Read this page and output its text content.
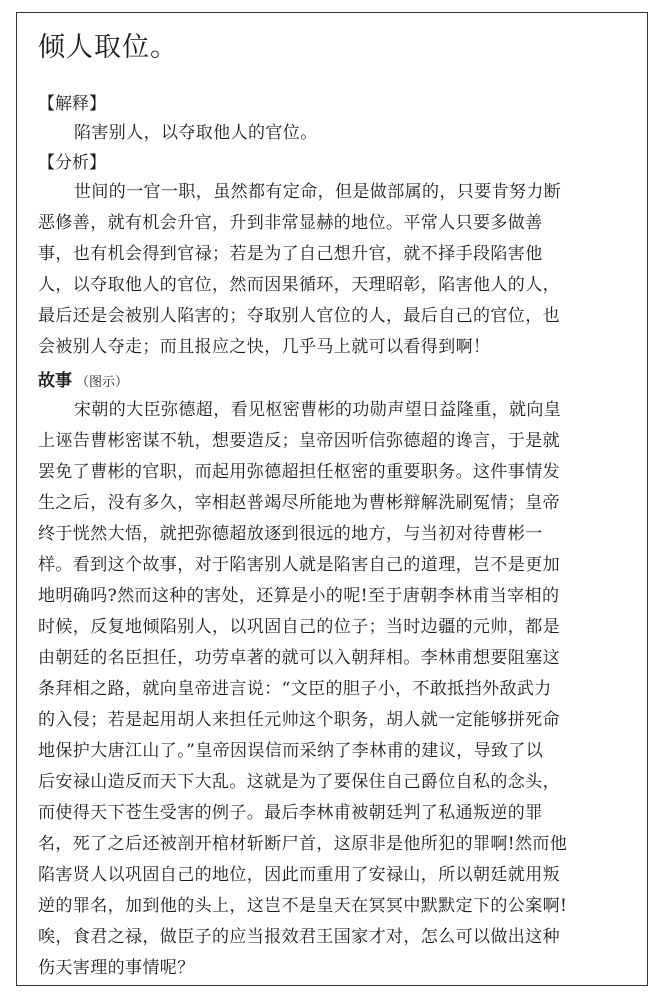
倾人取位。
【解释】
陷害别人，以夺取他人的官位。
【分析】
世间的一官一职，虽然都有定命，但是做部属的，只要肯努力断
恶修善，就有机会升官，升到非常显赫的地位。平常人只要多做善
事，也有机会得到官禄；若是为了自己想升官，就不择手段陷害他
人，以夺取他人的官位，然而因果循环，天理昭彰，陷害他人的人，
最后还是会被别人陷害的；夺取别人官位的人，最后自己的官位，也
会被别人夺走；而且报应之快，几乎马上就可以看得到啊！
故事 （图示）
宋朝的大臣弥德超，看见枢密曹彬的功勋声望日益隆重，就向皇
上诬告曹彬密谋不轨，想要造反；皇帝因听信弥德超的谗言，于是就
罢免了曹彬的官职，而起用弥德超担任枢密的重要职务。这件事情发
生之后，没有多久，宰相赵普竭尽所能地为曹彬辩解洗刷冤情；皇帝
终于恍然大悟，就把弥德超放逐到很远的地方，与当初对待曹彬一
样。看到这个故事，对于陷害别人就是陷害自己的道理，岂不是更加
地明确吗?然而这种的害处，还算是小的呢!至于唐朝李林甫当宰相的
时候，反复地倾陷别人，以巩固自己的位子；当时边疆的元帅，都是
由朝廷的名臣担任，功劳卓著的就可以入朝拜相。李林甫想要阻塞这
条拜相之路，就向皇帝进言说：“文臣的胆子小，不敢抵挡外敌武力
的入侵；若是起用胡人来担任元帅这个职务，胡人就一定能够拼死命
地保护大唐江山了。”皇帝因误信而采纳了李林甫的建议，导致了以
后安禄山造反而天下大乱。这就是为了要保住自己爵位自私的念头，
而使得天下苍生受害的例子。最后李林甫被朝廷判了私通叛逆的罪
名，死了之后还被剖开棺材斩断尸首，这原非是他所犯的罪啊!然而他
陷害贤人以巩固自己的地位，因此而重用了安禄山，所以朝廷就用叛
逆的罪名，加到他的头上，这岂不是皇天在冥冥中默默定下的公案啊!
唉，食君之禄，做臣子的应当报效君王国家才对，怎么可以做出这种
伤天害理的事情呢？
